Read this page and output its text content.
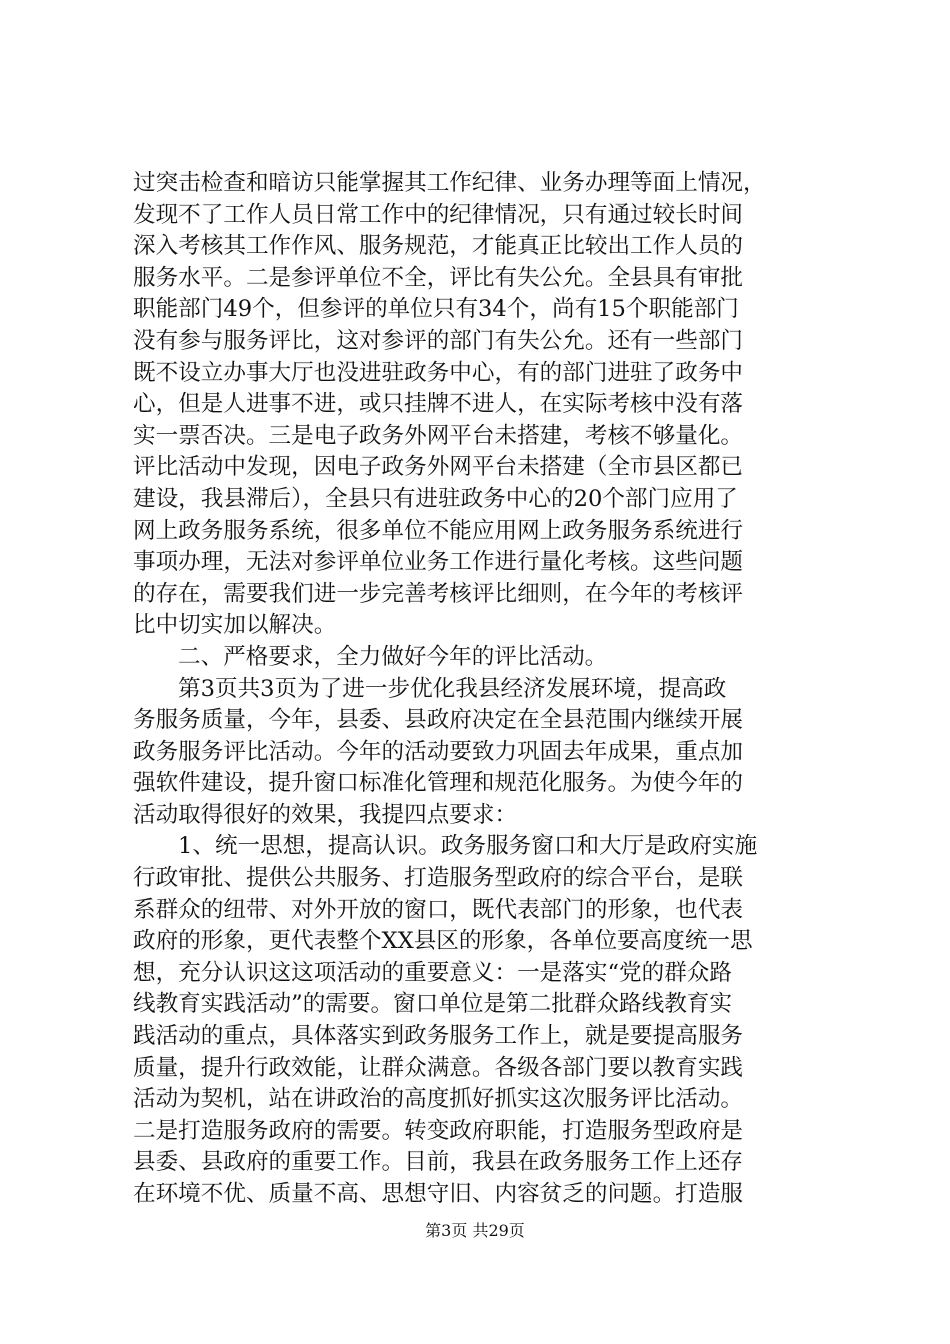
过突击检查和暗访只能掌握其工作纪律、业务办理等面上情况，
发现不了工作人员日常工作中的纪律情况，只有通过较长时间
深入考核其工作作风、服务规范，才能真正比较出工作人员的
服务水平。二是参评单位不全，评比有失公允。全县具有审批
职能部门49个，但参评的单位只有34个，尚有15个职能部门
没有参与服务评比，这对参评的部门有失公允。还有一些部门
既不设立办事大厅也没进驻政务中心，有的部门进驻了政务中
心，但是人进事不进，或只挂牌不进人，在实际考核中没有落
实一票否决。三是电子政务外网平台未搭建，考核不够量化。
评比活动中发现，因电子政务外网平台未搭建（全市县区都已
建设，我县滞后），全县只有进驻政务中心的20个部门应用了
网上政务服务系统，很多单位不能应用网上政务服务系统进行
事项办理，无法对参评单位业务工作进行量化考核。这些问题
的存在，需要我们进一步完善考核评比细则，在今年的考核评
比中切实加以解决。
二、严格要求，全力做好今年的评比活动。
第3页共3页为了进一步优化我县经济发展环境，提高政
务服务质量，今年，县委、县政府决定在全县范围内继续开展
政务服务评比活动。今年的活动要致力巩固去年成果，重点加
强软件建设，提升窗口标准化管理和规范化服务。为使今年的
活动取得很好的效果，我提四点要求：
1、统一思想，提高认识。政务服务窗口和大厅是政府实施
行政审批、提供公共服务、打造服务型政府的综合平台，是联
系群众的纽带、对外开放的窗口，既代表部门的形象，也代表
政府的形象，更代表整个XX县区的形象，各单位要高度统一思
想，充分认识这这项活动的重要意义：一是落实“党的群众路
线教育实践活动”的需要。窗口单位是第二批群众路线教育实
践活动的重点，具体落实到政务服务工作上，就是要提高服务
质量，提升行政效能，让群众满意。各级各部门要以教育实践
活动为契机，站在讲政治的高度抓好抓实这次服务评比活动。
二是打造服务政府的需要。转变政府职能，打造服务型政府是
县委、县政府的重要工作。目前，我县在政务服务工作上还存
在环境不优、质量不高、思想守旧、内容贫乏的问题。打造服
第3页 共29页
